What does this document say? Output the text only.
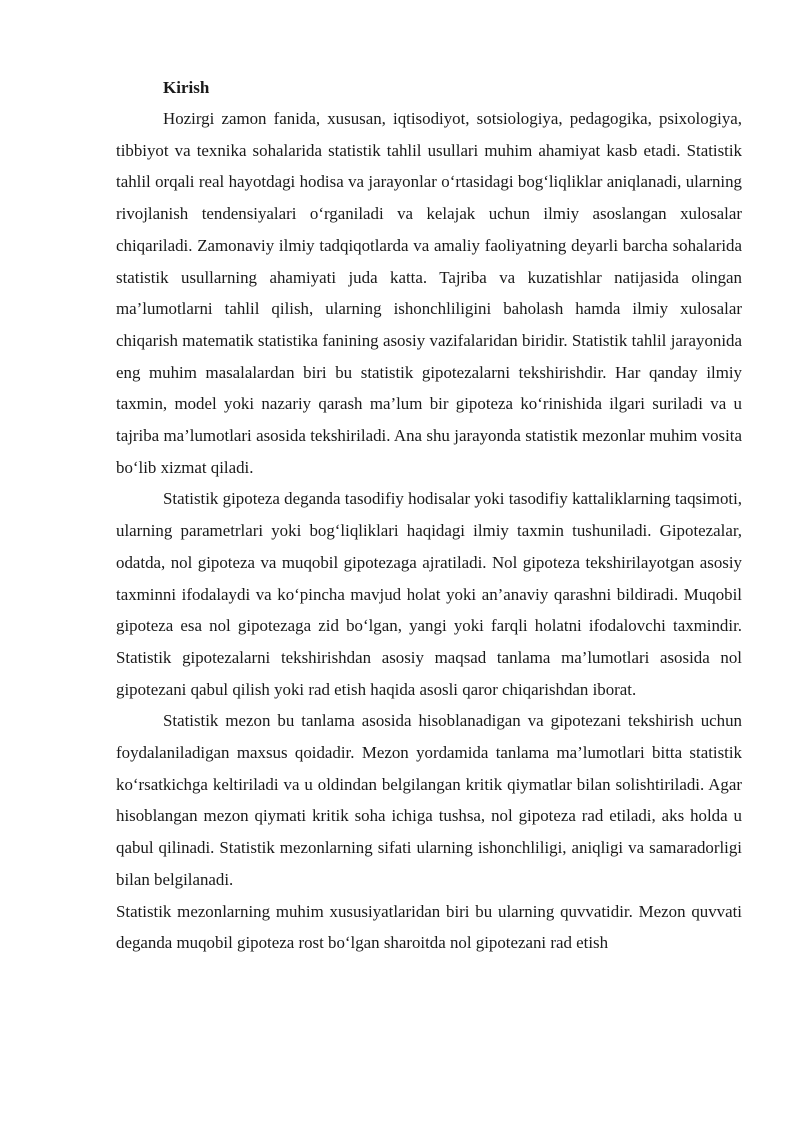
Kirish

Hozirgi zamon fanida, xususan, iqtisodiyot, sotsiologiya, pedagogika, psixologiya, tibbiyot va texnika sohalarida statistik tahlil usullari muhim ahamiyat kasb etadi. Statistik tahlil orqali real hayotdagi hodisa va jarayonlar o‘rtasidagi bog‘liqliklar aniqlanadi, ularning rivojlanish tendensiyalari o‘rganiladi va kelajak uchun ilmiy asoslangan xulosalar chiqariladi. Zamonaviy ilmiy tadqiqotlarda va amaliy faoliyatning deyarli barcha sohalarida statistik usullarning ahamiyati juda katta. Tajriba va kuzatishlar natijasida olingan ma’lumotlarni tahlil qilish, ularning ishonchliligini baholash hamda ilmiy xulosalar chiqarish matematik statistika fanining asosiy vazifalaridan biridir. Statistik tahlil jarayonida eng muhim masalalardan biri bu statistik gipotezalarni tekshirishdir. Har qanday ilmiy taxmin, model yoki nazariy qarash ma’lum bir gipoteza ko‘rinishida ilgari suriladi va u tajriba ma’lumotlari asosida tekshiriladi. Ana shu jarayonda statistik mezonlar muhim vosita bo‘lib xizmat qiladi.

Statistik gipoteza deganda tasodifiy hodisalar yoki tasodifiy kattaliklarning taqsimoti, ularning parametrlari yoki bog‘liqliklari haqidagi ilmiy taxmin tushuniladi. Gipotezalar, odatda, nol gipoteza va muqobil gipotezaga ajratiladi. Nol gipoteza tekshirilayotgan asosiy taxminni ifodalaydi va ko‘pincha mavjud holat yoki an’anaviy qarashni bildiradi. Muqobil gipoteza esa nol gipotezaga zid bo‘lgan, yangi yoki farqli holatni ifodalovchi taxmindir. Statistik gipotezalarni tekshirishdan asosiy maqsad tanlama ma’lumotlari asosida nol gipotezani qabul qilish yoki rad etish haqida asosli qaror chiqarishdan iborat.

Statistik mezon bu tanlama asosida hisoblanadigan va gipotezani tekshirish uchun foydalaniladigan maxsus qoidadir. Mezon yordamida tanlama ma’lumotlari bitta statistik ko‘rsatkichga keltiriladi va u oldindan belgilangan kritik qiymatlar bilan solishtiriladi. Agar hisoblangan mezon qiymati kritik soha ichiga tushsa, nol gipoteza rad etiladi, aks holda u qabul qilinadi. Statistik mezonlarning sifati ularning ishonchliligi, aniqligi va samaradorligi bilan belgilanadi.

Statistik mezonlarning muhim xususiyatlaridan biri bu ularning quvvatidir. Mezon quvvati deganda muqobil gipoteza rost bo‘lgan sharoitda nol gipotezani rad etish
